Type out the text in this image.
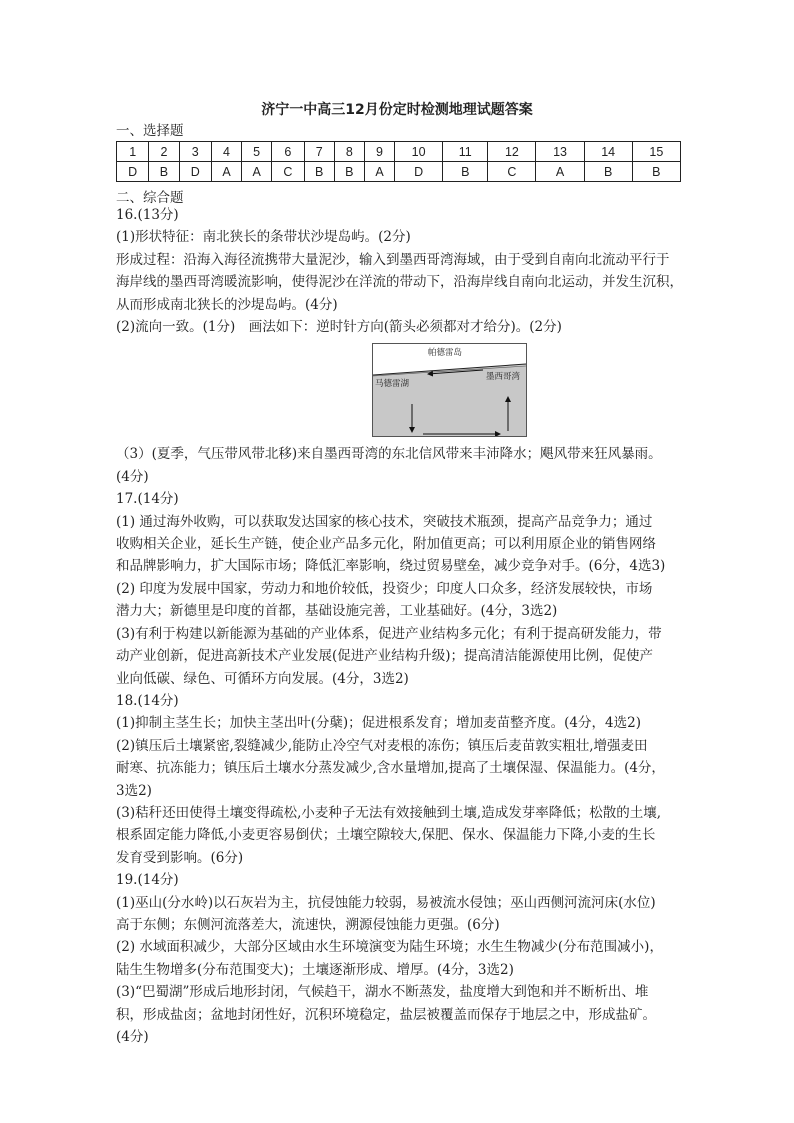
济宁一中高三12月份定时检测地理试题答案
一、选择题
1	2	3	4	5	6	7	8	9	10	11	12	13	14	15
D	B	D	A	A	C	B	B	A	D	B	C	A	B	B
二、综合题
16.(13分)
(1)形状特征：南北狭长的条带状沙堤岛屿。(2分)
形成过程：沿海入海径流携带大量泥沙，输入到墨西哥湾海域，由于受到自南向北流动平行于
海岸线的墨西哥湾暖流影响，使得泥沙在洋流的带动下，沿海岸线自南向北运动，并发生沉积，
从而形成南北狭长的沙堤岛屿。(4分)
(2)流向一致。(1分)　画法如下：逆时针方向(箭头必须都对才给分)。(2分)
帕德雷岛
马德雷湖
墨西哥湾
（3）(夏季，气压带风带北移)来自墨西哥湾的东北信风带来丰沛降水；飓风带来狂风暴雨。
(4分)
17.(14分)
(1) 通过海外收购，可以获取发达国家的核心技术，突破技术瓶颈，提高产品竞争力；通过
收购相关企业，延长生产链，使企业产品多元化，附加值更高；可以利用原企业的销售网络
和品牌影响力，扩大国际市场；降低汇率影响，绕过贸易壁垒，减少竞争对手。(6分，4选3)
(2) 印度为发展中国家，劳动力和地价较低，投资少；印度人口众多，经济发展较快，市场
潜力大；新德里是印度的首都，基础设施完善，工业基础好。(4分，3选2)
(3)有利于构建以新能源为基础的产业体系，促进产业结构多元化；有利于提高研发能力，带
动产业创新，促进高新技术产业发展(促进产业结构升级)；提高清洁能源使用比例，促使产
业向低碳、绿色、可循环方向发展。(4分，3选2)
18.(14分)
(1)抑制主茎生长；加快主茎出叶(分蘖)；促进根系发育；增加麦苗整齐度。(4分，4选2)
(2)镇压后土壤紧密,裂缝减少,能防止冷空气对麦根的冻伤；镇压后麦苗敦实粗壮,增强麦田
耐寒、抗冻能力；镇压后土壤水分蒸发减少,含水量增加,提高了土壤保湿、保温能力。(4分，
3选2)
(3)秸秆还田使得土壤变得疏松,小麦种子无法有效接触到土壤,造成发芽率降低；松散的土壤,
根系固定能力降低,小麦更容易倒伏；土壤空隙较大,保肥、保水、保温能力下降,小麦的生长
发育受到影响。(6分)
19.(14分)
(1)巫山(分水岭)以石灰岩为主，抗侵蚀能力较弱，易被流水侵蚀；巫山西侧河流河床(水位)
高于东侧；东侧河流落差大，流速快，溯源侵蚀能力更强。(6分)
(2) 水域面积减少，大部分区域由水生环境演变为陆生环境；水生生物减少(分布范围减小)，
陆生生物增多(分布范围变大)；土壤逐渐形成、增厚。(4分，3选2)
(3)“巴蜀湖”形成后地形封闭，气候趋干，湖水不断蒸发，盐度增大到饱和并不断析出、堆
积，形成盐卤；盆地封闭性好，沉积环境稳定，盐层被覆盖而保存于地层之中，形成盐矿。
(4分)
